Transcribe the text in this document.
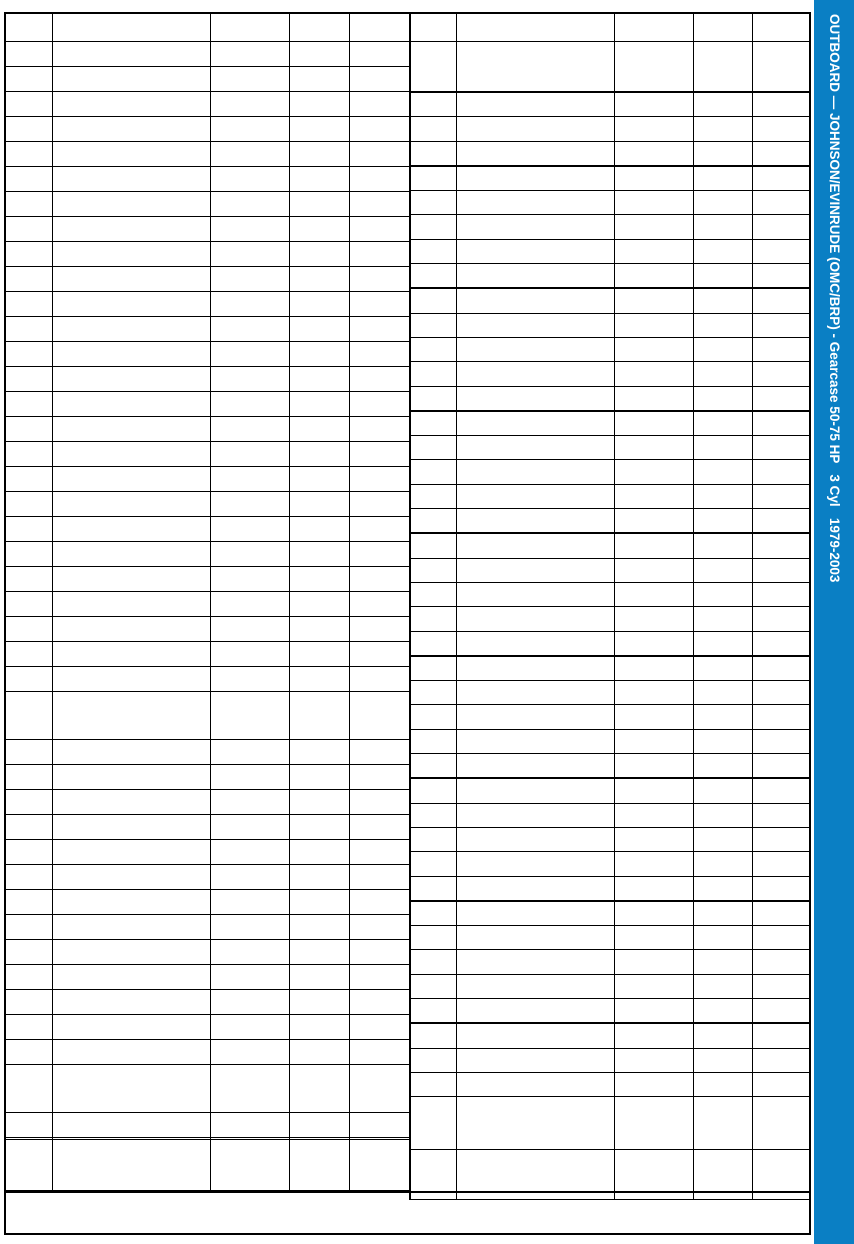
OUTBOARD — JOHNSON/EVINRUDE (OMC/BRP) - Gearcase 50-75 HP   3 Cyl   1979-2003
